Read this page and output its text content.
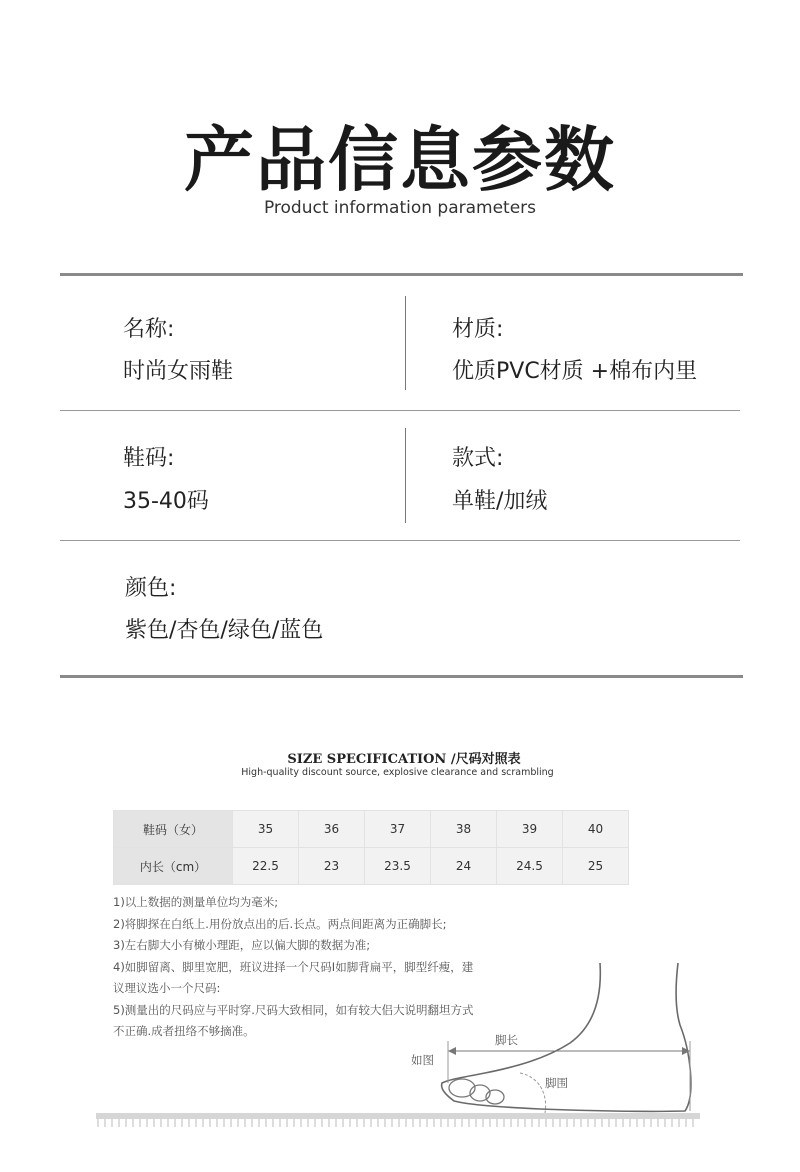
产品信息参数
Product information parameters
名称:
时尚女雨鞋
材质:
优质PVC材质 +棉布内里
鞋码:
35-40码
款式:
单鞋/加绒
颜色:
紫色/杏色/绿色/蓝色
SIZE SPECIFICATION /尺码对照表
High-quality discount source, explosive clearance and scrambling
鞋码（女）	35	36	37	38	39	40
内长（cm）	22.5	23	23.5	24	24.5	25
1)以上数据的测量单位均为毫米;
2)将脚探在白纸上.用份放点出的后.长点。两点间距离为正确脚长;
3)左右脚大小有橄小理距，应以偏大脚的数据为准;
4)如脚留离、脚里宽肥，班议进择一个尺码I如脚背扁平，脚型纤瘦，建
议理议选小一个尺码:
5)测量出的尺码应与平时穿.尺码大致相同，如有较大侣大说明翻坦方式
不正确.成者扭络不够摘准。
如图
脚长
脚围
